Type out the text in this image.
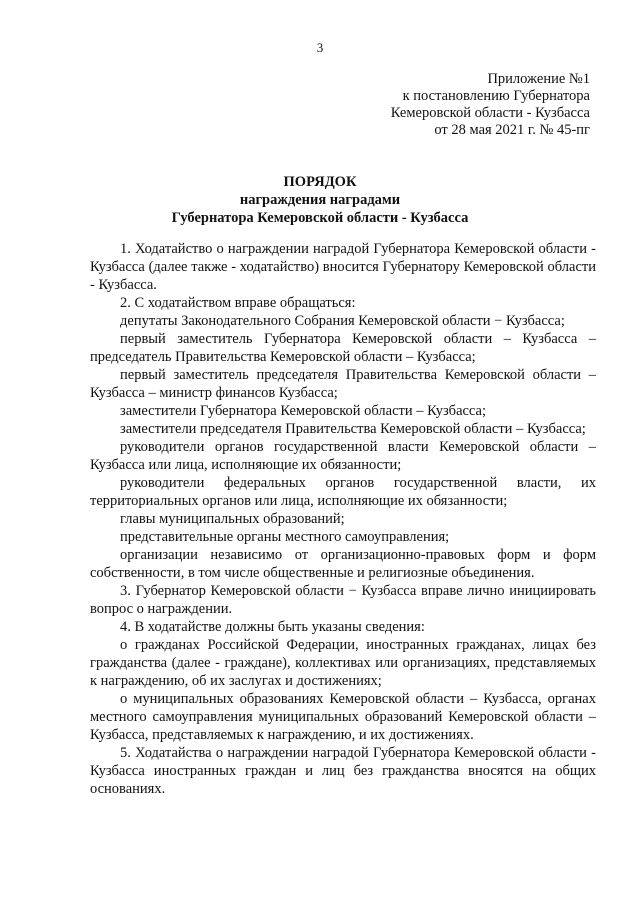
3
Приложение №1
к постановлению Губернатора
Кемеровской области - Кузбасса
от 28 мая 2021 г. № 45-пг
ПОРЯДОК
награждения наградами
Губернатора Кемеровской области - Кузбасса

1. Ходатайство о награждении наградой Губернатора Кемеровской области - Кузбасса (далее также - ходатайство) вносится Губернатору Кемеровской области - Кузбасса.

2. С ходатайством вправе обращаться:

депутаты Законодательного Собрания Кемеровской области − Кузбасса;

первый заместитель Губернатора Кемеровской области – Кузбасса – председатель Правительства Кемеровской области – Кузбасса;

первый заместитель председателя Правительства Кемеровской области – Кузбасса – министр финансов Кузбасса;

заместители Губернатора Кемеровской области – Кузбасса;

заместители председателя Правительства Кемеровской области – Кузбасса;

руководители органов государственной власти Кемеровской области – Кузбасса или лица, исполняющие их обязанности;

руководители федеральных органов государственной власти, их территориальных органов или лица, исполняющие их обязанности;

главы муниципальных образований;

представительные органы местного самоуправления;

организации независимо от организационно-правовых форм и форм собственности, в том числе общественные и религиозные объединения.

3. Губернатор Кемеровской области − Кузбасса вправе лично инициировать вопрос о награждении.

4. В ходатайстве должны быть указаны сведения:

о гражданах Российской Федерации, иностранных гражданах, лицах без гражданства (далее - граждане), коллективах или организациях, представляемых к награждению, об их заслугах и достижениях;

о муниципальных образованиях Кемеровской области – Кузбасса, органах местного самоуправления муниципальных образований Кемеровской области – Кузбасса, представляемых к награждению, и их достижениях.

5. Ходатайства о награждении наградой Губернатора Кемеровской области - Кузбасса иностранных граждан и лиц без гражданства вносятся на общих основаниях.
